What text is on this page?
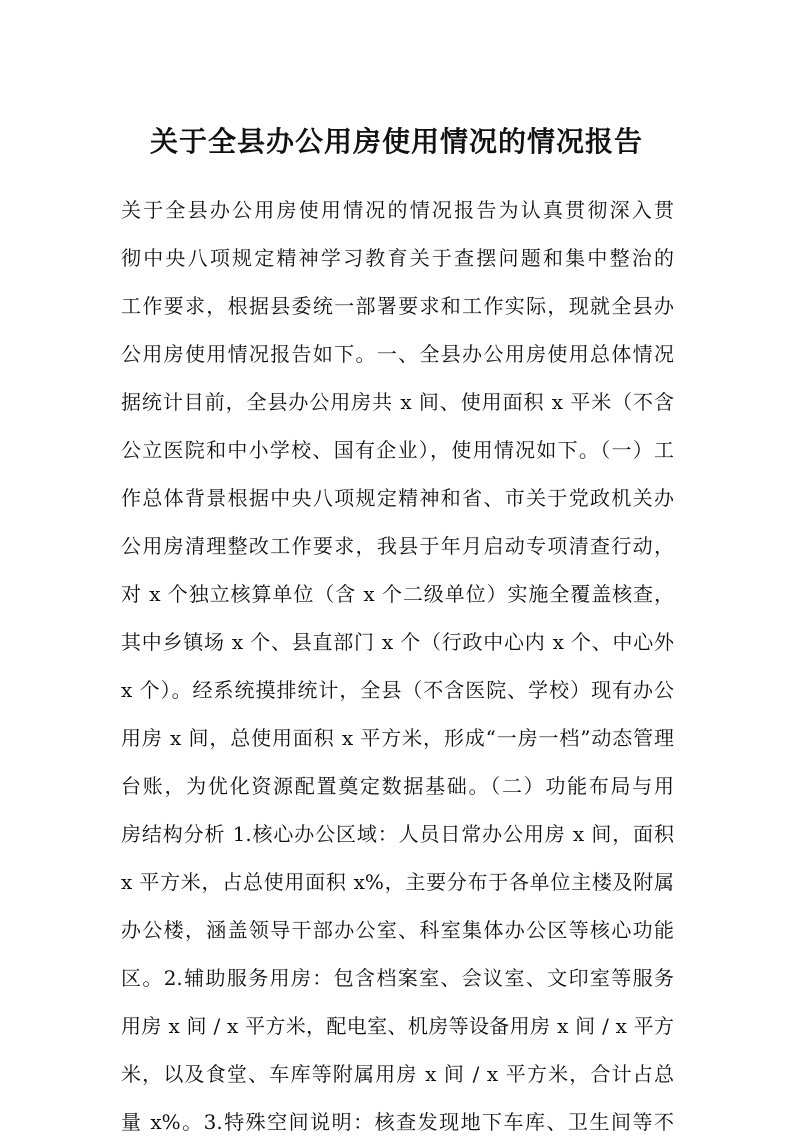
关于全县办公用房使用情况的情况报告
关于全县办公用房使用情况的情况报告为认真贯彻深入贯
彻中央八项规定精神学习教育关于查摆问题和集中整治的
工作要求，根据县委统一部署要求和工作实际，现就全县办
公用房使用情况报告如下。一、全县办公用房使用总体情况
据统计目前，全县办公用房共 x 间、使用面积 x 平米（不含
公立医院和中小学校、国有企业），使用情况如下。（一）工
作总体背景根据中央八项规定精神和省、市关于党政机关办
公用房清理整改工作要求，我县于年月启动专项清查行动，
对 x 个独立核算单位（含 x 个二级单位）实施全覆盖核查，
其中乡镇场 x 个、县直部门 x 个（行政中心内 x 个、中心外
x 个）。经系统摸排统计，全县（不含医院、学校）现有办公
用房 x 间，总使用面积 x 平方米，形成“一房一档”动态管理
台账，为优化资源配置奠定数据基础。（二）功能布局与用
房结构分析 1.核心办公区域：人员日常办公用房 x 间，面积
x 平方米，占总使用面积 x%，主要分布于各单位主楼及附属
办公楼，涵盖领导干部办公室、科室集体办公区等核心功能
区。2.辅助服务用房：包含档案室、会议室、文印室等服务
用房 x 间 / x 平方米，配电室、机房等设备用房 x 间 / x 平方
米，以及食堂、车库等附属用房 x 间 / x 平方米，合计占总
量 x%。3.特殊空间说明：核查发现地下车库、卫生间等不
